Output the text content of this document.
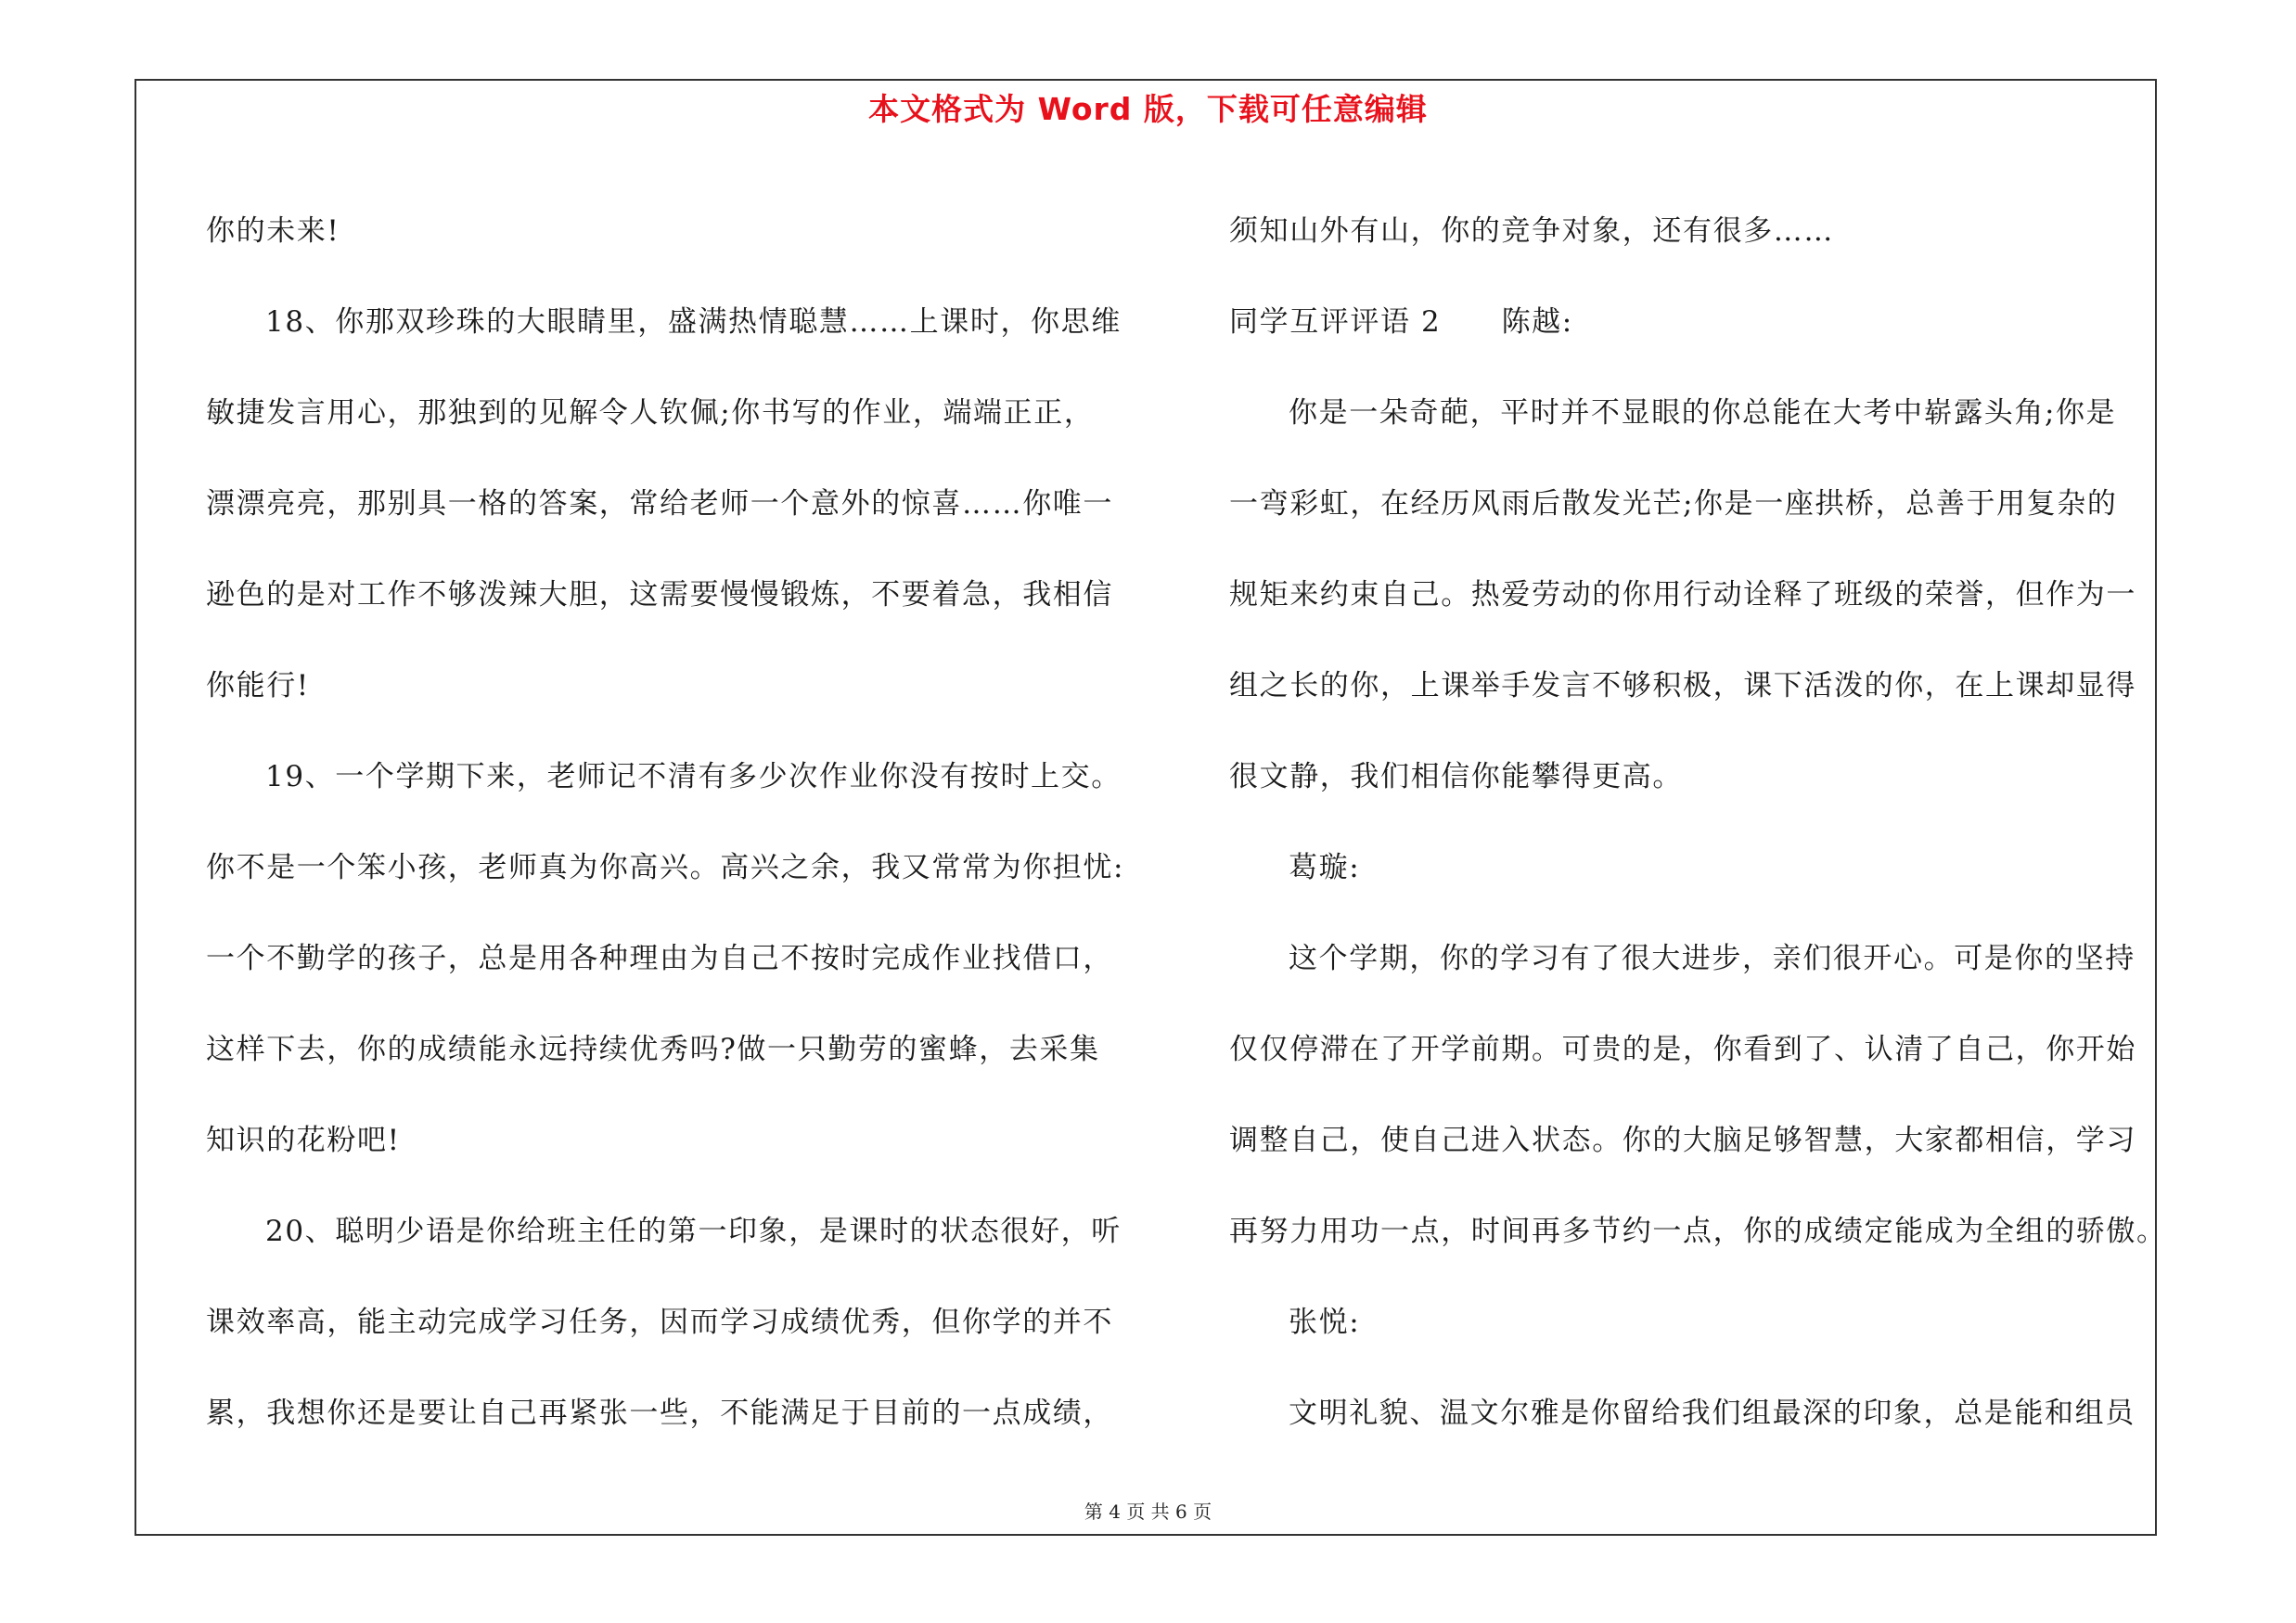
本文格式为 Word 版，下载可任意编辑

你的未来!

18、你那双珍珠的大眼睛里，盛满热情聪慧……上课时，你思维

敏捷发言用心，那独到的见解令人钦佩;你书写的作业，端端正正，

漂漂亮亮，那别具一格的答案，常给老师一个意外的惊喜……你唯一

逊色的是对工作不够泼辣大胆，这需要慢慢锻炼，不要着急，我相信

你能行!

19、一个学期下来，老师记不清有多少次作业你没有按时上交。

你不是一个笨小孩，老师真为你高兴。高兴之余，我又常常为你担忧:

一个不勤学的孩子，总是用各种理由为自己不按时完成作业找借口，

这样下去，你的成绩能永远持续优秀吗?做一只勤劳的蜜蜂，去采集

知识的花粉吧!

20、聪明少语是你给班主任的第一印象，是课时的状态很好，听

课效率高，能主动完成学习任务，因而学习成绩优秀，但你学的并不

累，我想你还是要让自己再紧张一些，不能满足于目前的一点成绩，

须知山外有山，你的竞争对象，还有很多……

同学互评评语 2　　陈越:

你是一朵奇葩，平时并不显眼的你总能在大考中崭露头角;你是

一弯彩虹，在经历风雨后散发光芒;你是一座拱桥，总善于用复杂的

规矩来约束自己。热爱劳动的你用行动诠释了班级的荣誉，但作为一

组之长的你，上课举手发言不够积极，课下活泼的你，在上课却显得

很文静，我们相信你能攀得更高。

葛璇:

这个学期，你的学习有了很大进步，亲们很开心。可是你的坚持

仅仅停滞在了开学前期。可贵的是，你看到了、认清了自己，你开始

调整自己，使自己进入状态。你的大脑足够智慧，大家都相信，学习

再努力用功一点，时间再多节约一点，你的成绩定能成为全组的骄傲。

张悦:

文明礼貌、温文尔雅是你留给我们组最深的印象，总是能和组员

第 4 页 共 6 页
